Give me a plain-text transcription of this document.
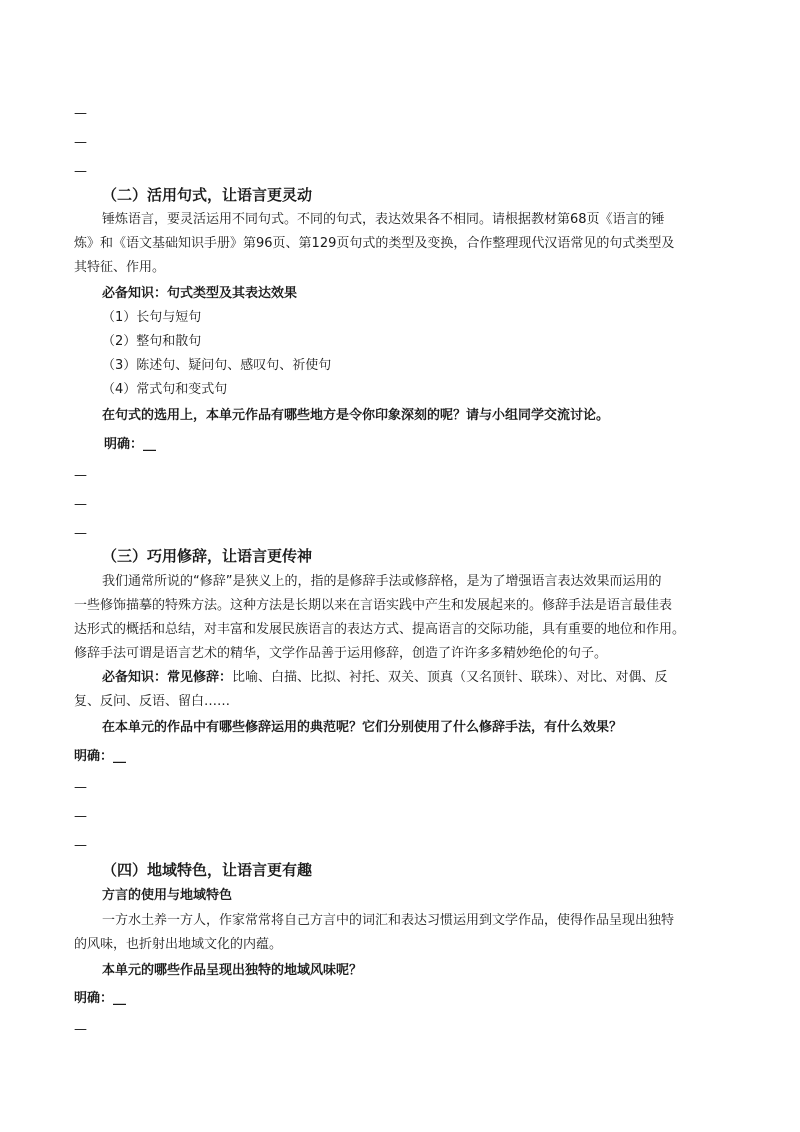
—
—
—
（二）活用句式，让语言更灵动
锤炼语言，要灵活运用不同句式。不同的句式，表达效果各不相同。请根据教材第68页《语言的锤
炼》和《语文基础知识手册》第96页、第129页句式的类型及变换，合作整理现代汉语常见的句式类型及
其特征、作用。
必备知识：句式类型及其表达效果
（1）长句与短句
（2）整句和散句
（3）陈述句、疑问句、感叹句、祈使句
（4）常式句和变式句
在句式的选用上，本单元作品有哪些地方是令你印象深刻的呢？请与小组同学交流讨论。
明确：__
—
—
—
（三）巧用修辞，让语言更传神
我们通常所说的“修辞”是狭义上的，指的是修辞手法或修辞格，是为了增强语言表达效果而运用的
一些修饰描摹的特殊方法。这种方法是长期以来在言语实践中产生和发展起来的。修辞手法是语言最佳表
达形式的概括和总结，对丰富和发展民族语言的表达方式、提高语言的交际功能，具有重要的地位和作用。
修辞手法可谓是语言艺术的精华，文学作品善于运用修辞，创造了许许多多精妙绝伦的句子。
必备知识：常见修辞：比喻、白描、比拟、衬托、双关、顶真（又名顶针、联珠）、对比、对偶、反
复、反问、反语、留白……
在本单元的作品中有哪些修辞运用的典范呢？它们分别使用了什么修辞手法，有什么效果？
明确：__
—
—
—
（四）地域特色，让语言更有趣
方言的使用与地域特色
一方水土养一方人，作家常常将自己方言中的词汇和表达习惯运用到文学作品，使得作品呈现出独特
的风味，也折射出地域文化的内蕴。
本单元的哪些作品呈现出独特的地域风味呢？
明确：__
—
